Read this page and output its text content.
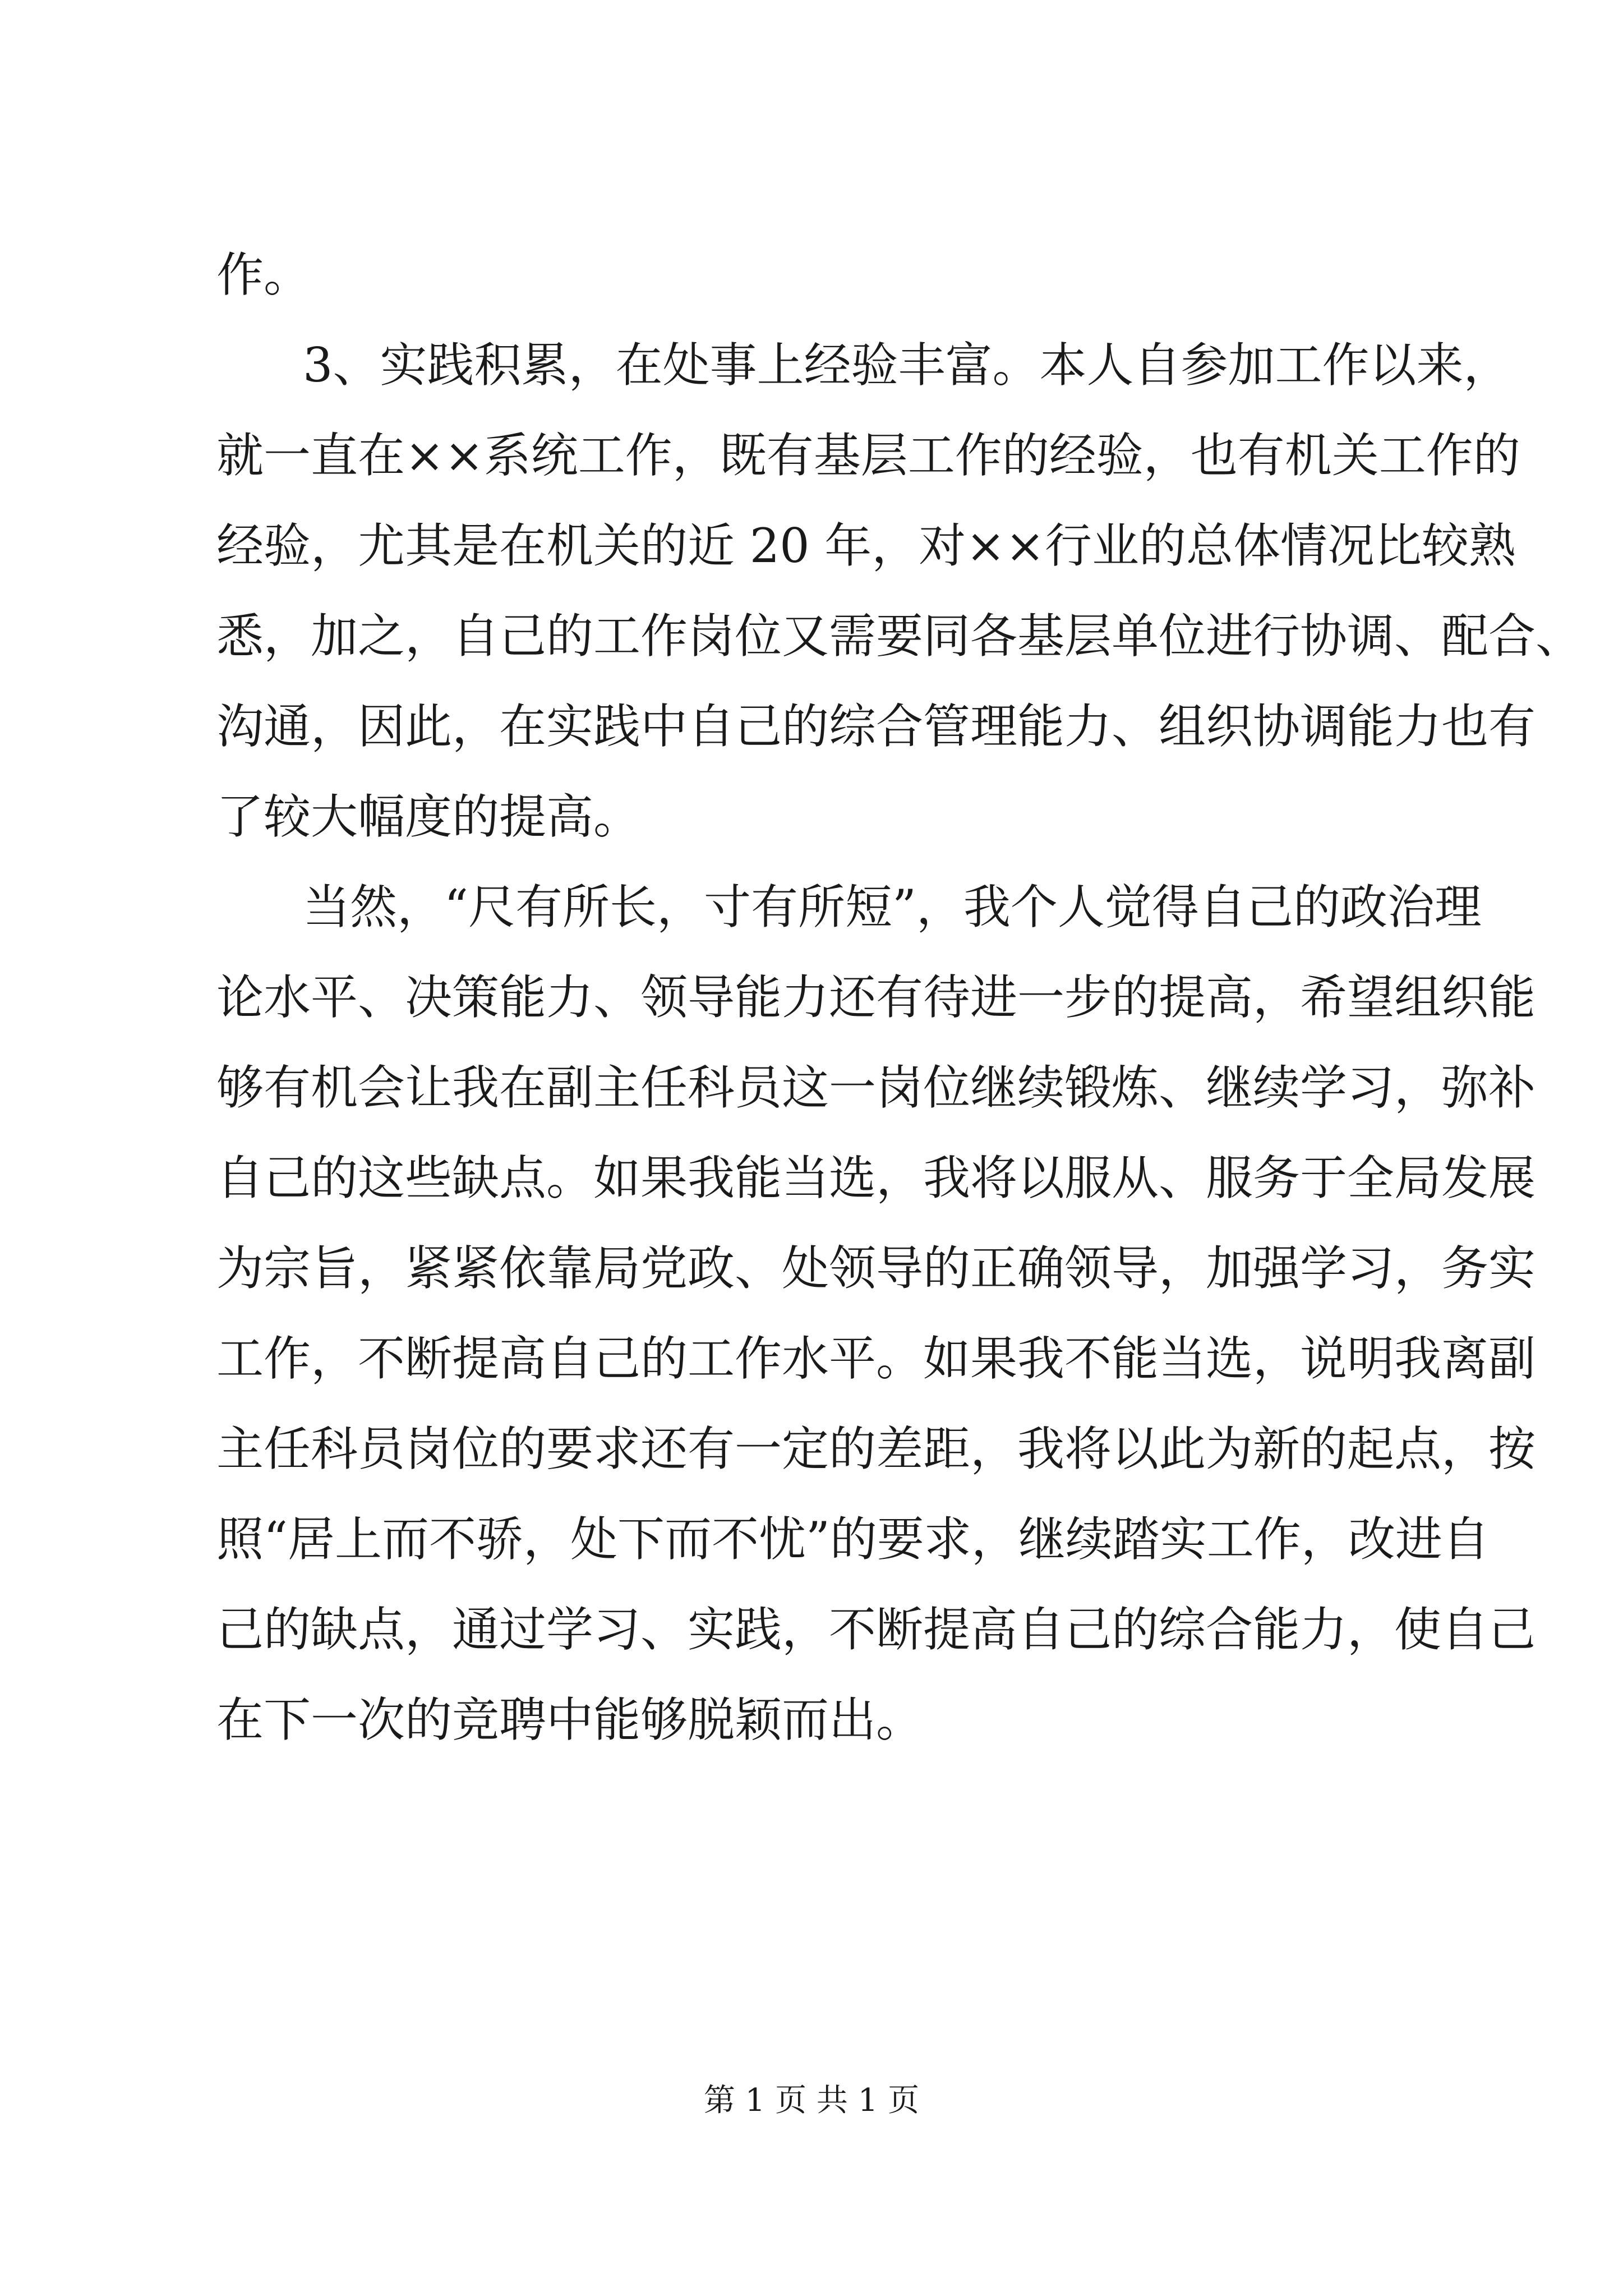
作。
3、实践积累，在处事上经验丰富。本人自参加工作以来，
就一直在××系统工作，既有基层工作的经验，也有机关工作的
经验，尤其是在机关的近 20 年，对××行业的总体情况比较熟
悉，加之，自己的工作岗位又需要同各基层单位进行协调、配合、
沟通，因此，在实践中自己的综合管理能力、组织协调能力也有
了较大幅度的提高。
当然，“尺有所长，寸有所短”，我个人觉得自己的政治理
论水平、决策能力、领导能力还有待进一步的提高，希望组织能
够有机会让我在副主任科员这一岗位继续锻炼、继续学习，弥补
自己的这些缺点。如果我能当选，我将以服从、服务于全局发展
为宗旨，紧紧依靠局党政、处领导的正确领导，加强学习，务实
工作，不断提高自己的工作水平。如果我不能当选，说明我离副
主任科员岗位的要求还有一定的差距，我将以此为新的起点，按
照“居上而不骄，处下而不忧”的要求，继续踏实工作，改进自
己的缺点，通过学习、实践，不断提高自己的综合能力，使自己
在下一次的竞聘中能够脱颖而出。
第 1 页 共 1 页
